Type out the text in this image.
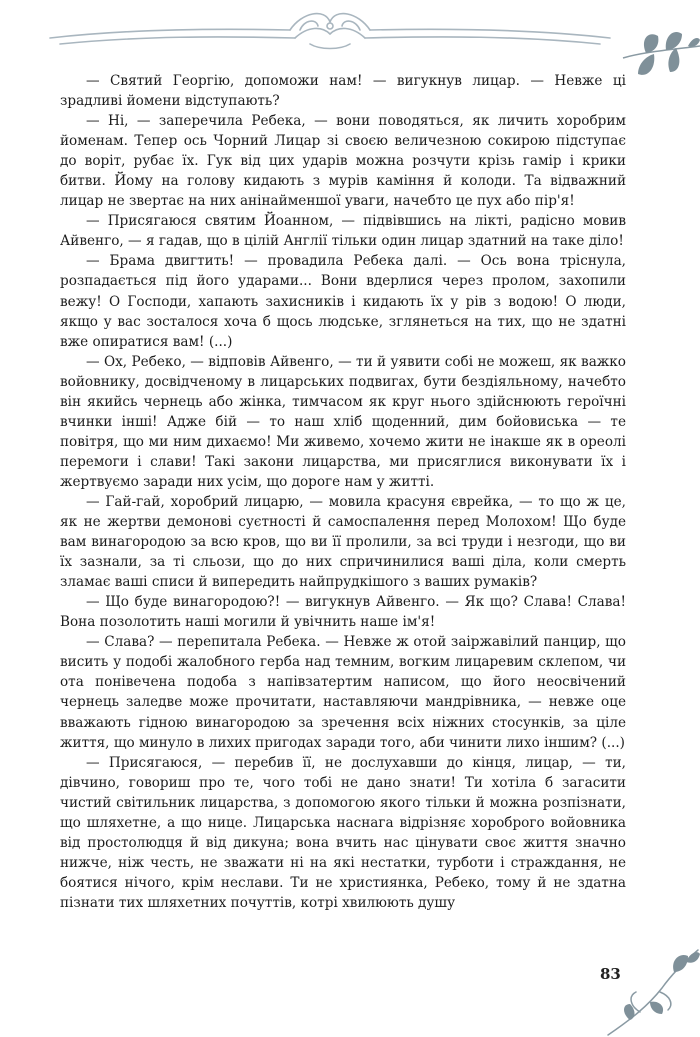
— Святий Георгію, допоможи нам! — вигукнув лицар. — Невже ці зрадливі йомени відступають?

— Ні, — заперечила Ребека, — вони поводяться, як личить хоробрим йоменам. Тепер ось Чорний Лицар зі своєю величезною сокирою підступає до воріт, рубає їх. Гук від цих ударів можна розчути крізь гамір і крики битви. Йому на голову кидають з мурів каміння й колоди. Та відважний лицар не звертає на них анінайменшої уваги, начебто це пух або пір'я!

— Присягаюся святим Йоанном, — підвівшись на лікті, радісно мовив Айвенго, — я гадав, що в цілій Англії тільки один лицар здатний на таке діло!

— Брама двигтить! — провадила Ребека далі. — Ось вона тріснула, розпадається під його ударами... Вони вдерлися через пролом, захопили вежу! О Господи, хапають захисників і кидають їх у рів з водою! О люди, якщо у вас зосталося хоча б щось людське, зглянеться на тих, що не здатні вже опиратися вам! (...)

— Ох, Ребеко, — відповів Айвенго, — ти й уявити собі не можеш, як важко войовнику, досвідченому в лицарських подвигах, бути бездіяльному, начебто він якийсь чернець або жінка, тимчасом як круг нього здійснюють героїчні вчинки інші! Адже бій — то наш хліб щоденний, дим бойовиська — те повітря, що ми ним дихаємо! Ми живемо, хочемо жити не інакше як в ореолі перемоги і слави! Такі закони лицарства, ми присяглися виконувати їх і жертвуємо заради них усім, що дороге нам у житті.

— Гай-гай, хоробрий лицарю, — мовила красуня єврейка, — то що ж це, як не жертви демонові суєтності й самоспалення перед Молохом! Що буде вам винагородою за всю кров, що ви її пролили, за всі труди і незгоди, що ви їх зазнали, за ті сльози, що до них спричинилися ваші діла, коли смерть зламає ваші списи й випередить найпрудкішого з ваших румаків?

— Що буде винагородою?! — вигукнув Айвенго. — Як що? Слава! Слава! Вона позолотить наші могили й увічнить наше ім'я!

— Слава? — перепитала Ребека. — Невже ж отой заіржавілий панцир, що висить у подобі жалобного герба над темним, вогким лицаревим склепом, чи ота понівечена подоба з напівзатертим написом, що його неосвічений чернець заледве може прочитати, наставляючи мандрівника, — невже оце вважають гідною винагородою за зречення всіх ніжних стосунків, за ціле життя, що минуло в лихих пригодах заради того, аби чинити лихо іншим? (...)

— Присягаюся, — перебив її, не дослухавши до кінця, лицар, — ти, дівчино, говориш про те, чого тобі не дано знати! Ти хотіла б загасити чистий світильник лицарства, з допомогою якого тільки й можна розпізнати, що шляхетне, а що нице. Лицарська наснага відрізняє хороброго войовника від простолюдця й від дикуна; вона вчить нас цінувати своє життя значно нижче, ніж честь, не зважати ні на які нестатки, турботи і страждання, не боятися нічого, крім неслави. Ти не християнка, Ребеко, тому й не здатна пізнати тих шляхетних почуттів, котрі хвилюють душу

83
